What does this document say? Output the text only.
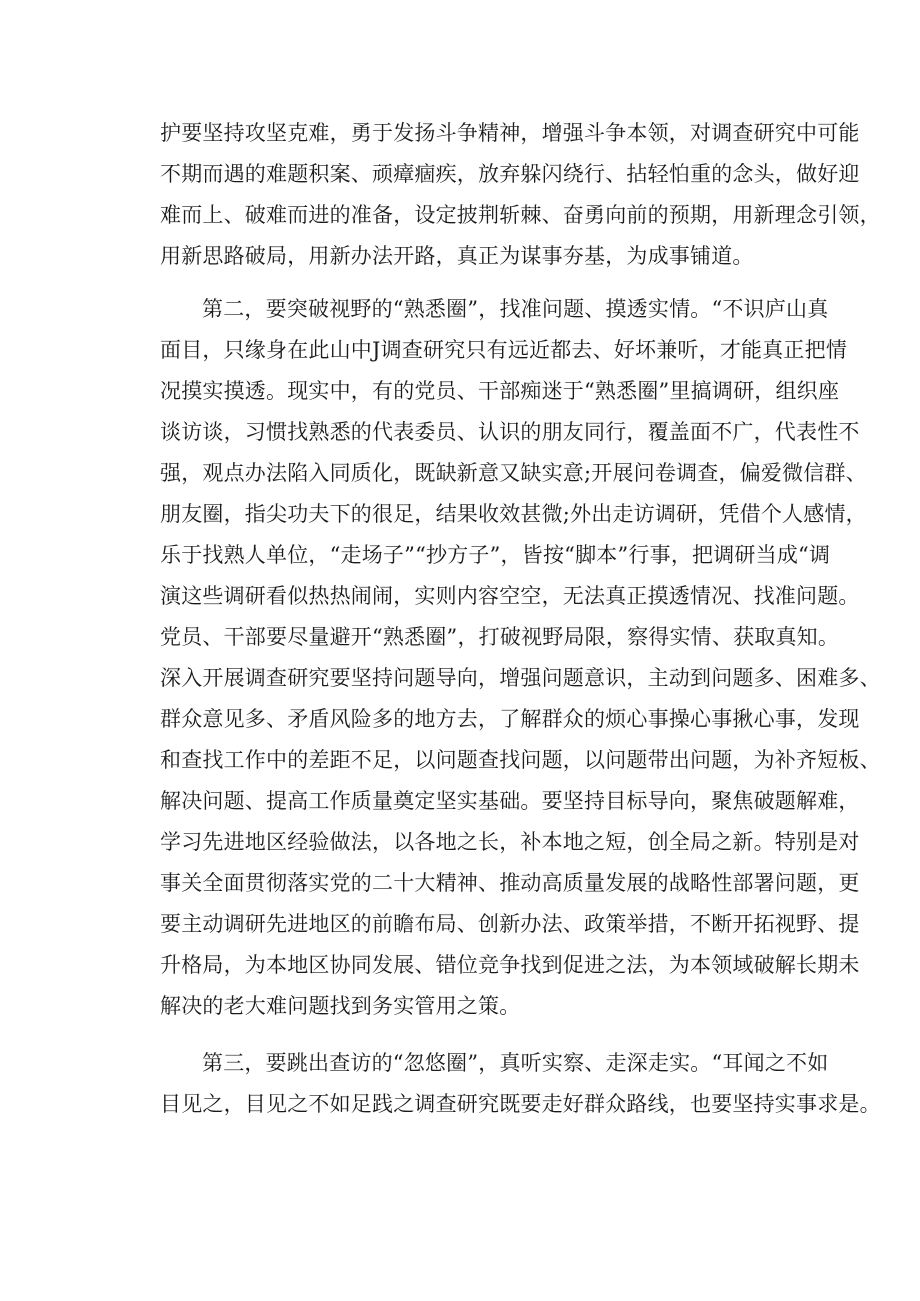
护要坚持攻坚克难，勇于发扬斗争精神，增强斗争本领，对调查研究中可能
不期而遇的难题积案、顽瘴痼疾，放弃躲闪绕行、拈轻怕重的念头，做好迎
难而上、破难而进的准备，设定披荆斩棘、奋勇向前的预期，用新理念引领，
用新思路破局，用新办法开路，真正为谋事夯基，为成事铺道。
第二，要突破视野的“熟悉圈”，找准问题、摸透实情。“不识庐山真
面目，只缘身在此山中J调查研究只有远近都去、好坏兼听，才能真正把情
况摸实摸透。现实中，有的党员、干部痴迷于“熟悉圈”里搞调研，组织座
谈访谈，习惯找熟悉的代表委员、认识的朋友同行，覆盖面不广，代表性不
强，观点办法陷入同质化，既缺新意又缺实意;开展问卷调查，偏爱微信群、
朋友圈，指尖功夫下的很足，结果收效甚微;外出走访调研，凭借个人感情，
乐于找熟人单位，“走场子”“抄方子”，皆按“脚本”行事，把调研当成“调
演这些调研看似热热闹闹，实则内容空空，无法真正摸透情况、找准问题。
党员、干部要尽量避开“熟悉圈”，打破视野局限，察得实情、获取真知。
深入开展调查研究要坚持问题导向，增强问题意识，主动到问题多、困难多、
群众意见多、矛盾风险多的地方去，了解群众的烦心事操心事揪心事，发现
和查找工作中的差距不足，以问题查找问题，以问题带出问题，为补齐短板、
解决问题、提高工作质量奠定坚实基础。要坚持目标导向，聚焦破题解难，
学习先进地区经验做法，以各地之长，补本地之短，创全局之新。特别是对
事关全面贯彻落实党的二十大精神、推动高质量发展的战略性部署问题，更
要主动调研先进地区的前瞻布局、创新办法、政策举措，不断开拓视野、提
升格局，为本地区协同发展、错位竞争找到促进之法，为本领域破解长期未
解决的老大难问题找到务实管用之策。
第三，要跳出查访的“忽悠圈”，真听实察、走深走实。“耳闻之不如
目见之，目见之不如足践之调查研究既要走好群众路线，也要坚持实事求是。
